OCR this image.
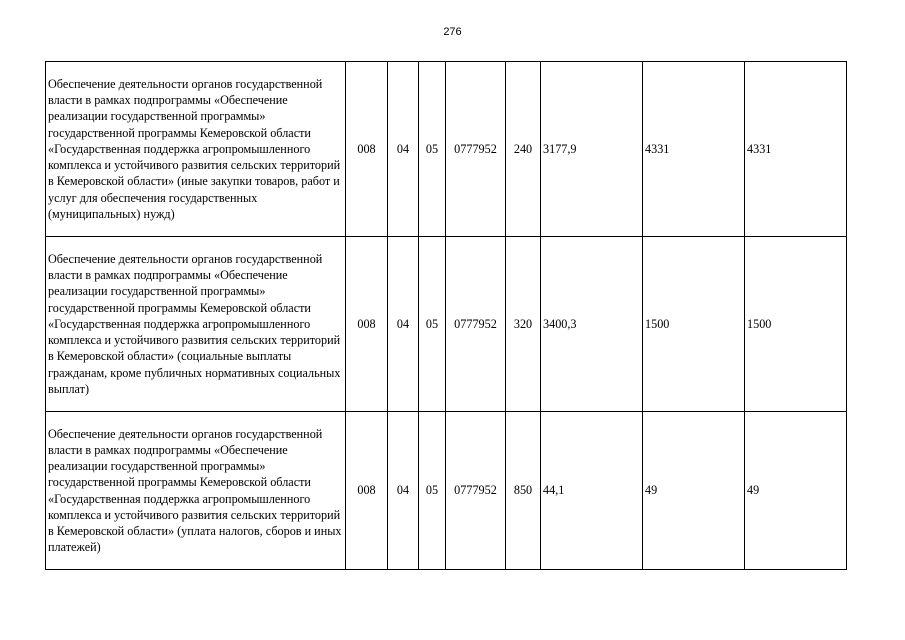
276
Обеспечение деятельности органов государственной власти в рамках подпрограммы «Обеспечение реализации государственной программы» государственной программы Кемеровской области «Государственная поддержка агропромышленного комплекса и устойчивого развития сельских территорий в Кемеровской области» (иные закупки товаров, работ и услуг для обеспечения государственных (муниципальных) нужд)	008	04	05	0777952	240	3177,9	4331	4331
Обеспечение деятельности органов государственной власти в рамках подпрограммы «Обеспечение реализации государственной программы» государственной программы Кемеровской области «Государственная поддержка агропромышленного комплекса и устойчивого развития сельских территорий в Кемеровской области» (социальные выплаты гражданам, кроме публичных нормативных социальных выплат)	008	04	05	0777952	320	3400,3	1500	1500
Обеспечение деятельности органов государственной власти в рамках подпрограммы «Обеспечение реализации государственной программы» государственной программы Кемеровской области «Государственная поддержка агропромышленного комплекса и устойчивого развития сельских территорий в Кемеровской области» (уплата налогов, сборов и иных платежей)	008	04	05	0777952	850	44,1	49	49
